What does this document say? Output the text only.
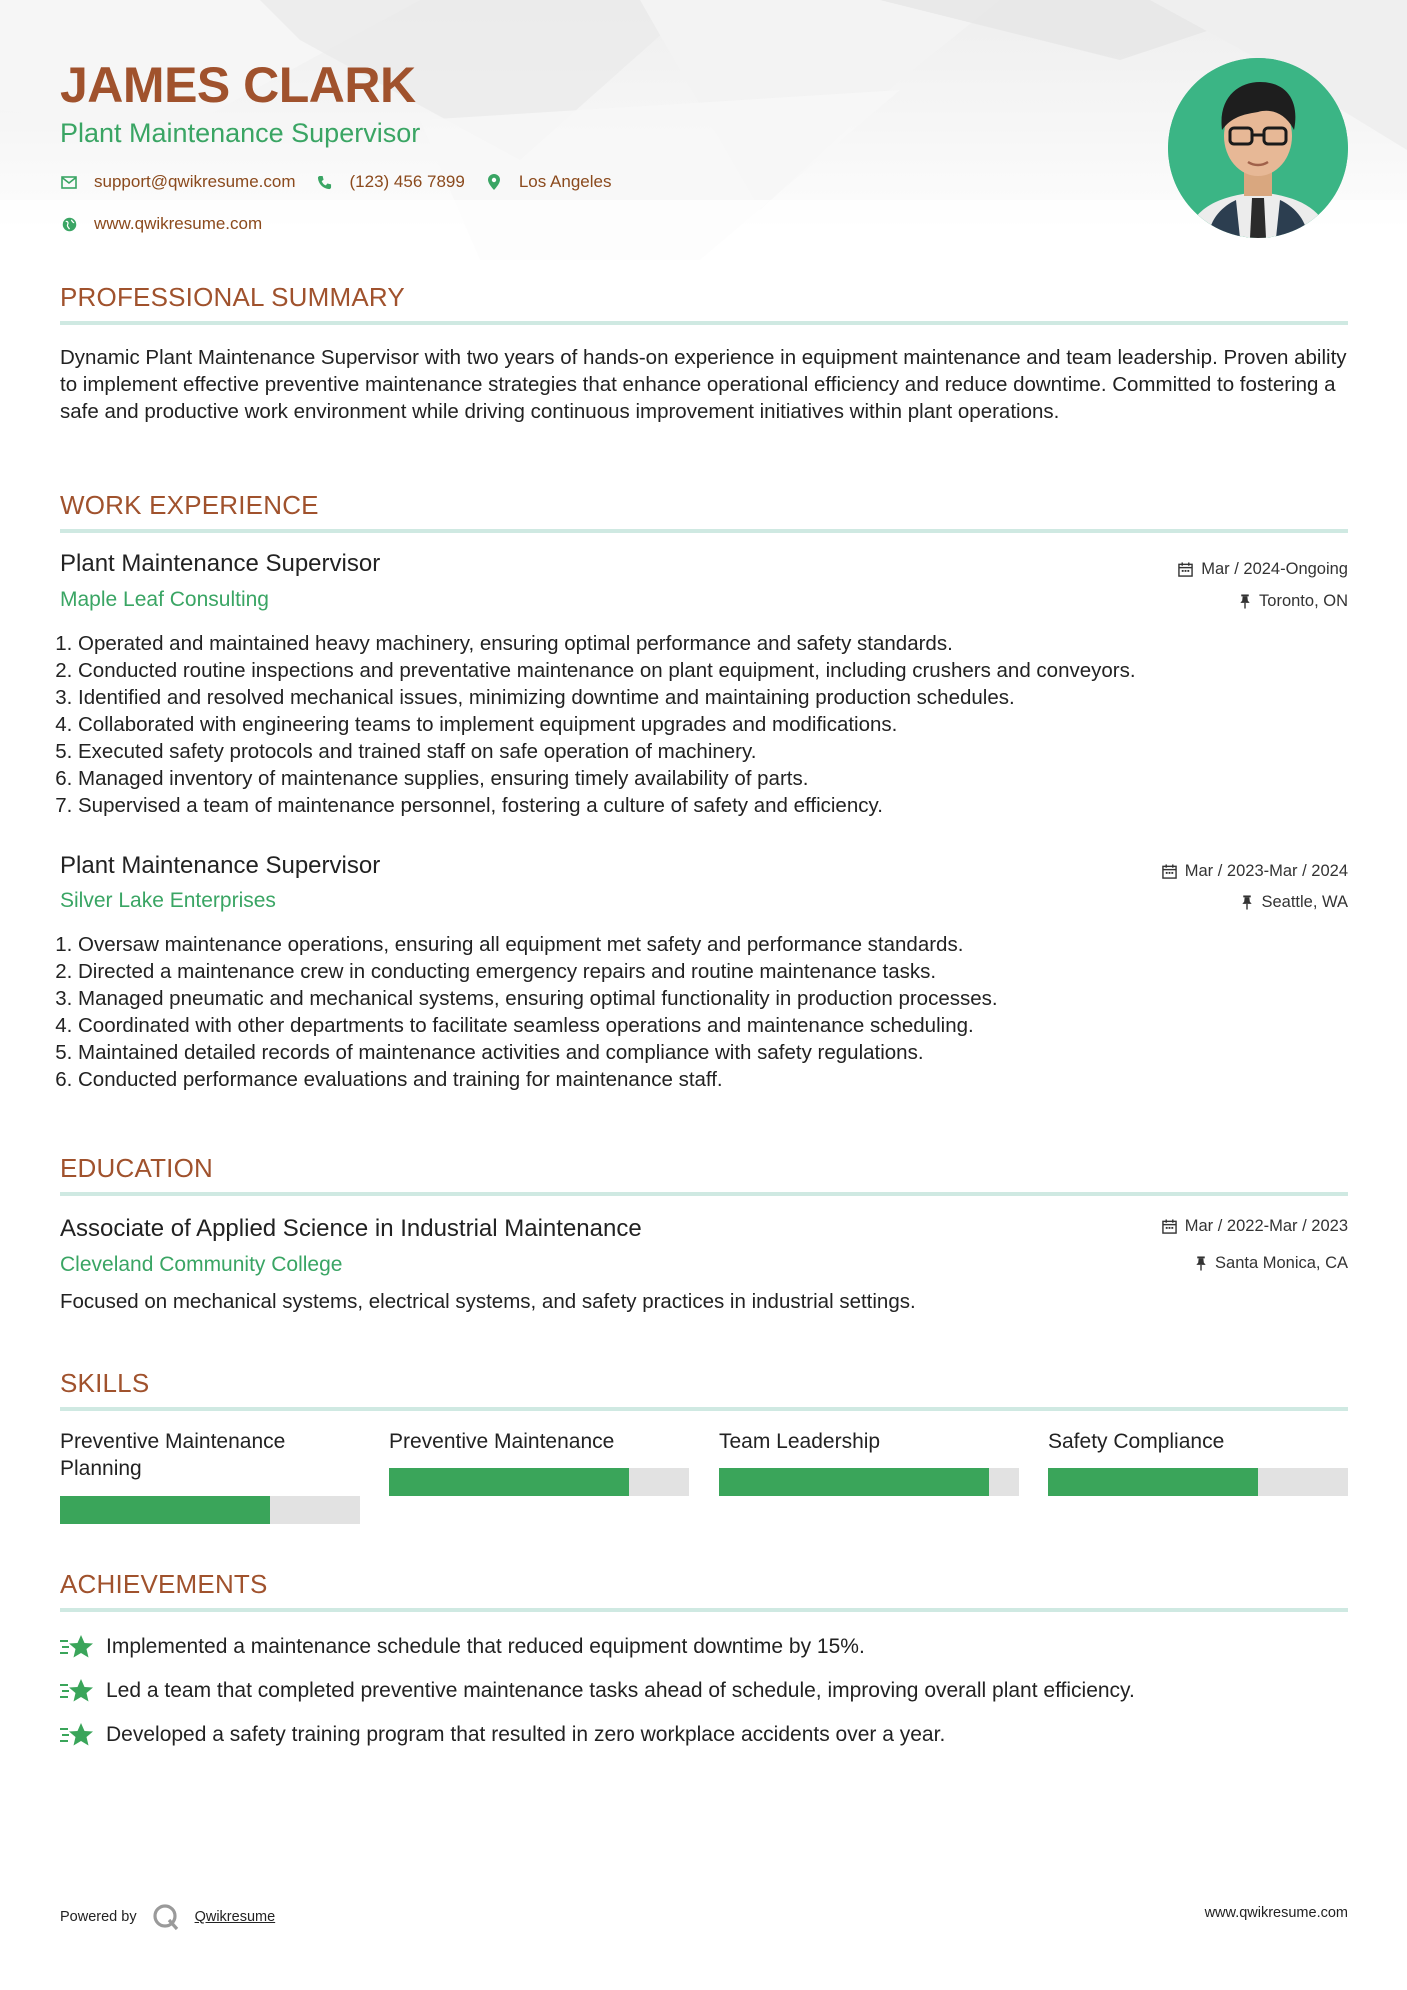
JAMES CLARK
Plant Maintenance Supervisor
support@qwikresume.com	(123) 456 7899	Los Angeles
www.qwikresume.com
PROFESSIONAL SUMMARY
Dynamic Plant Maintenance Supervisor with two years of hands-on experience in equipment maintenance and team leadership. Proven ability to implement effective preventive maintenance strategies that enhance operational efficiency and reduce downtime. Committed to fostering a safe and productive work environment while driving continuous improvement initiatives within plant operations.
WORK EXPERIENCE
Plant Maintenance Supervisor	Mar / 2024-Ongoing
Maple Leaf Consulting	Toronto, ON
1. Operated and maintained heavy machinery, ensuring optimal performance and safety standards.
2. Conducted routine inspections and preventative maintenance on plant equipment, including crushers and conveyors.
3. Identified and resolved mechanical issues, minimizing downtime and maintaining production schedules.
4. Collaborated with engineering teams to implement equipment upgrades and modifications.
5. Executed safety protocols and trained staff on safe operation of machinery.
6. Managed inventory of maintenance supplies, ensuring timely availability of parts.
7. Supervised a team of maintenance personnel, fostering a culture of safety and efficiency.
Plant Maintenance Supervisor	Mar / 2023-Mar / 2024
Silver Lake Enterprises	Seattle, WA
1. Oversaw maintenance operations, ensuring all equipment met safety and performance standards.
2. Directed a maintenance crew in conducting emergency repairs and routine maintenance tasks.
3. Managed pneumatic and mechanical systems, ensuring optimal functionality in production processes.
4. Coordinated with other departments to facilitate seamless operations and maintenance scheduling.
5. Maintained detailed records of maintenance activities and compliance with safety regulations.
6. Conducted performance evaluations and training for maintenance staff.
EDUCATION
Associate of Applied Science in Industrial Maintenance	Mar / 2022-Mar / 2023
Cleveland Community College	Santa Monica, CA
Focused on mechanical systems, electrical systems, and safety practices in industrial settings.
SKILLS
Preventive Maintenance Planning
Preventive Maintenance	Team Leadership	Safety Compliance
ACHIEVEMENTS
Implemented a maintenance schedule that reduced equipment downtime by 15%.
Led a team that completed preventive maintenance tasks ahead of schedule, improving overall plant efficiency.
Developed a safety training program that resulted in zero workplace accidents over a year.
Powered by	Qwikresume	www.qwikresume.com
